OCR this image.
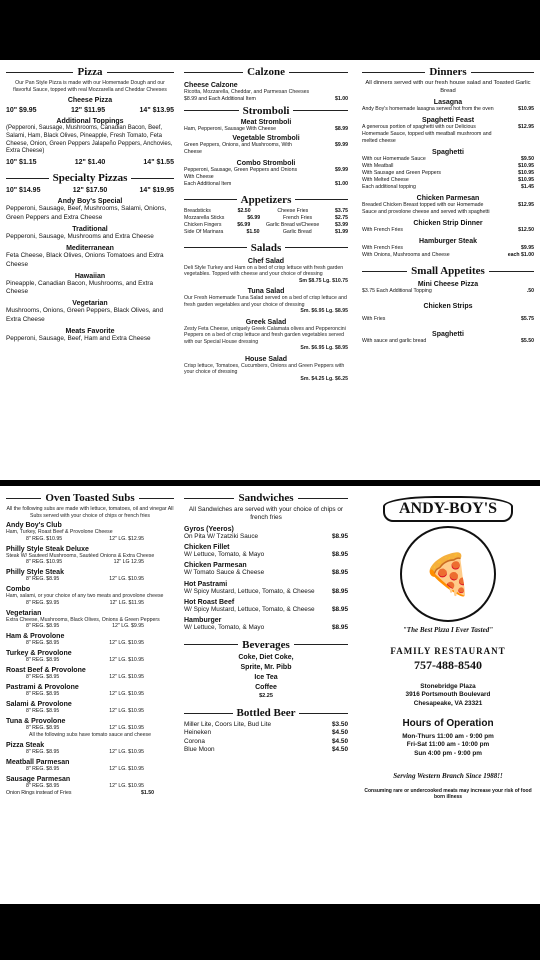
Pizza
Our Pan Style Pizza is made with our Homemade Dough and our flavorful Sauce, topped with real Mozzarella and Cheddar Cheeses
Cheese Pizza
10" $9.95	12" $11.95	14" $13.95
Additional Toppings
(Pepperoni, Sausage, Mushrooms, Canadian Bacon, Beef, Salami, Ham, Black Olives, Pineapple, Fresh Tomato, Feta Cheese, Onion, Green Peppers Jalapeño Peppers, Anchovies, Extra Cheese)
10" $1.15	12" $1.40	14" $1.55
Specialty Pizzas
10" $14.95	12" $17.50	14" $19.95
Andy Boy's Special
Pepperoni, Sausage, Beef, Mushrooms, Salami, Onions, Green Peppers and Extra Cheese
Traditional
Pepperoni, Sausage, Mushrooms and Extra Cheese
Mediterranean
Feta Cheese, Black Olives, Onions Tomatoes and Extra Cheese
Hawaiian
Pineapple, Canadian Bacon, Mushrooms, and Extra Cheese
Vegetarian
Mushrooms, Onions, Green Peppers, Black Olives, and Extra Cheese
Meats Favorite
Pepperoni, Sausage, Beef, Ham and Extra Cheese
Calzone
Cheese Calzone
Ricotta, Mozzarella, Cheddar, and Parmesan Cheeses
$8.99 and Each Additional Item	$1.00
Stromboli
Meat Stromboli
Ham, Pepperoni, Sausage With Cheese	$8.99
Vegetable Stromboli
Green Peppers, Onions, and Mushrooms, With Cheese
$9.99
Combo Stromboli
Pepperoni, Sausage, Green Peppers and Onions With Cheese
$9.99
Each Additional Item	$1.00
Appetizers
Breadsticks	$2.50	Cheese Fries	$3.75
Mozzarella Sticks	$6.99	French Fries	$2.75
Chicken Fingers	$6.99	Garlic Bread w/Cheese	$3.99
Side Of Marinara	$1.50	Garlic Bread	$1.99
Salads
Chef Salad
Deli Style Turkey and Ham on a bed of crisp lettuce with fresh garden vegetables. Topped with cheese and your choice of dressing
Sm $8.75 Lg. $10.75
Tuna Salad
Our Fresh Homemade Tuna Salad served on a bed of crisp lettuce and fresh garden vegetables and your choice of dressing
Sm. $6.95 Lg. $8.95
Greek Salad
Zesty Feta Cheese, uniquely Greek Calamata olives and Pepperoncini Peppers on a bed of crisp lettuce and fresh garden vegetables served with our Special House dressing
Sm. $6.95 Lg. $8.95
House Salad
Crisp lettuce, Tomatoes, Cucumbers, Onions and Green Peppers with your choice of dressing
Sm. $4.25 Lg. $6.25
Dinners
All dinners served with our fresh house salad and Toasted Garlic Bread
Lasagna
Andy Boy's homemade lasagna served hot from the oven	$10.95
Spaghetti Feast
A generous portion of spaghetti with our Delicious Homemade Sauce, topped with meatball mushroom and melted cheese
$12.95
Spaghetti
With our Homemade Sauce	$9.50
With Meatball	$10.95
With Sausage and Green Peppers	$10.95
With Melted Cheese	$10.95
Each additional topping	$1.45
Chicken Parmesan
Breaded Chicken Breast topped with our Homemade Sauce and provolone cheese and served with spaghetti
$12.95
Chicken Strip Dinner
With French Fries	$12.50
Hamburger Steak
With French Fries	$9.95
With Onions, Mushrooms and Cheese	each $1.00
Small Appetites
Mini Cheese Pizza
$3.75 Each Additional Topping	.50
Chicken Strips
With Fries	$5.75
Spaghetti
With sauce and garlic bread	$5.50
Oven Toasted Subs
All the following subs are made with lettuce, tomatoes, oil and vinegar All Subs served with your choice of chips or french fries
Andy Boy's Club
Ham, Turkey, Roast Beef & Provolone Cheese
8" REG. $10.95	12" LG. $12.95
Philly Style Steak Deluxe
Steak W/ Sauteed Mushrooms, Sautéed Onions & Extra Cheese
8" REG. $10.95	12" LG 12.95
Philly Style Steak
8" REG. $8.95	12" LG. $10.95
Combo
Ham, salami, or your choice of any two meats and provolone cheese
8" REG. $9.95	12" LG. $11.95
Vegetarian
Extra Cheese, Mushrooms, Black Olives, Onions & Green Peppers
8" REG. $8.95	12" LG. $9.95
Ham & Provolone
8" REG. $8.95	12" LG. $10.95
Turkey & Provolone
8" REG. $8.95	12" LG. $10.95
Roast Beef & Provolone
8" REG. $8.95	12" LG. $10.95
Pastrami & Provolone
8" REG. $8.95	12" LG. $10.95
Salami & Provolone
8" REG. $8.95	12" LG. $10.95
Tuna & Provolone
8" REG. $8.95	12" LG. $10.95
All the following subs have tomato sauce and cheese
Pizza Steak
8" REG. $8.95	12" LG. $10.95
Meatball Parmesan
8" REG. $8.95	12" LG. $10.95
Sausage Parmesan
8" REG. $8.95	12" LG. $10.95
Onion Rings instead of Fries	$1.50
Sandwiches
All Sandwiches are served with your choice of chips or french fries
Gyros (Yeeros)
On Pita W/ Tzatziki Sauce	$8.95
Chicken Fillet
W/ Lettuce, Tomato, & Mayo	$8.95
Chicken Parmesan
W/ Tomato Sauce & Cheese	$8.95
Hot Pastrami
W/ Spicy Mustard, Lettuce, Tomato, & Cheese	$8.95
Hot Roast Beef
W/ Spicy Mustard, Lettuce, Tomato, & Cheese	$8.95
Hamburger
W/ Lettuce, Tomato, & Mayo	$8.95
Beverages
Coke, Diet Coke,
Sprite, Mr. Pibb
Ice Tea
Coffee
$2.25
Bottled Beer
Miller Lite, Coors Lite, Bud Lite	$3.50
Heineken	$4.50
Corona	$4.50
Blue Moon	$4.50
ANDY-BOY'S
🍕
"The Best Pizza I Ever Tasted"
FAMILY RESTAURANT
757-488-8540
Stonebridge Plaza
3916 Portsmouth Boulevard
Chesapeake, VA 23321
Hours of Operation
Mon-Thurs 11:00 am - 9:00 pm
Fri-Sat 11:00 am - 10:00 pm
Sun 4:00 pm - 9:00 pm
Serving Western Branch Since 1988!!
Consuming rare or undercooked meats may increase your risk of food born illness
